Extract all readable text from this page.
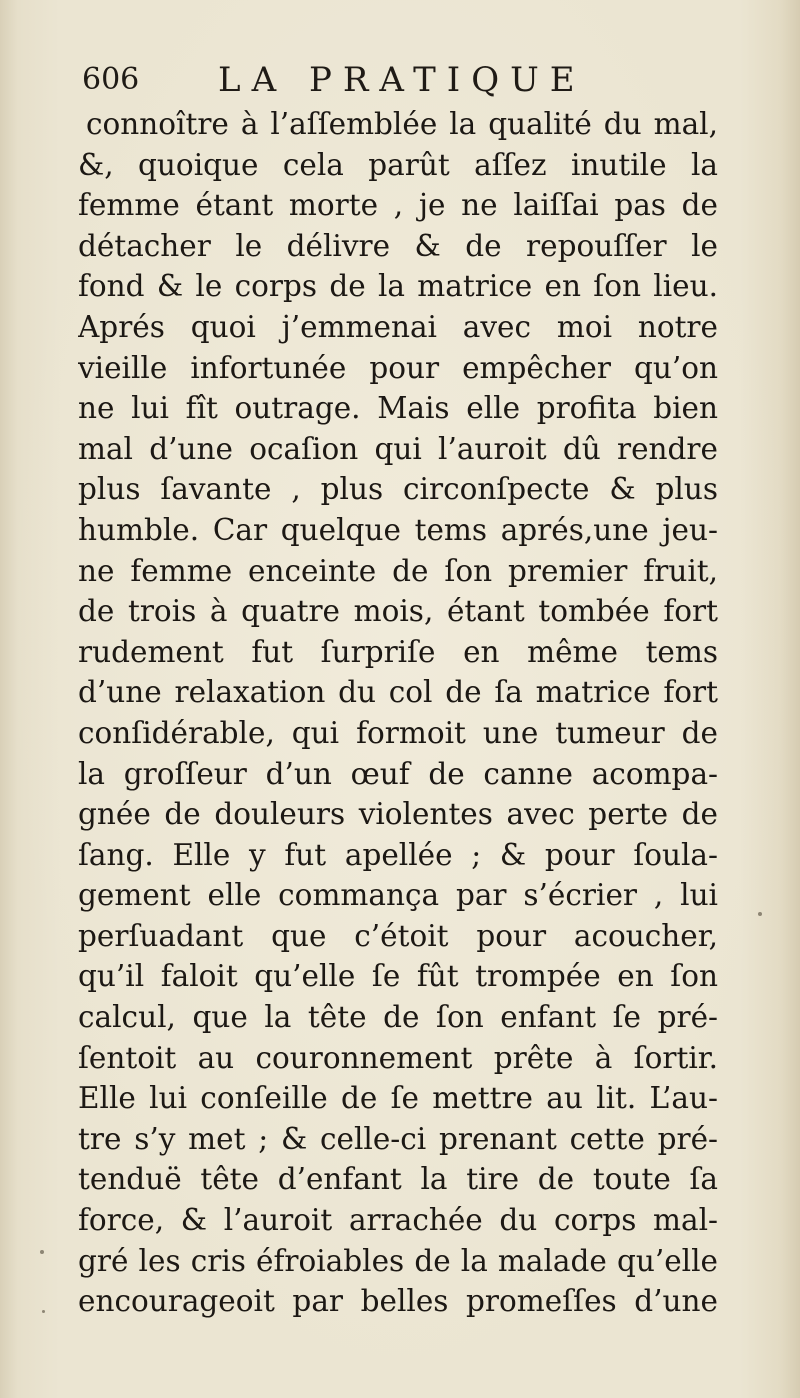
606 LA PRATIQUE
connoître à l’aſſemblée la qualité du mal,
&, quoique cela parût aſſez inutile la
femme étant morte , je ne laiſſai pas de
détacher le délivre & de repouſſer le
fond & le corps de la matrice en ſon lieu.
Aprés quoi j’emmenai avec moi notre
vieille infortunée pour empêcher qu’on
ne lui fît outrage. Mais elle profita bien
mal d’une ocaſion qui l’auroit dû rendre
plus ſavante , plus circonſpecte & plus
humble. Car quelque tems aprés,une jeu-
ne femme enceinte de ſon premier fruit,
de trois à quatre mois, étant tombée fort
rudement fut ſurpriſe en même tems
d’une relaxation du col de ſa matrice fort
conſidérable, qui formoit une tumeur de
la groſſeur d’un œuf de canne acompa-
gnée de douleurs violentes avec perte de
ſang. Elle y fut apellée ; & pour ſoula-
gement elle commança par s’écrier , lui
perſuadant que c’étoit pour acoucher,
qu’il faloit qu’elle ſe fût trompée en ſon
calcul, que la tête de ſon enfant ſe pré-
ſentoit au couronnement prête à ſortir.
Elle lui conſeille de ſe mettre au lit. L’au-
tre s’y met ; & celle-ci prenant cette pré-
tenduë tête d’enfant la tire de toute ſa
force, & l’auroit arrachée du corps mal-
gré les cris éfroiables de la malade qu’elle
encourageoit par belles promeſſes d’une
